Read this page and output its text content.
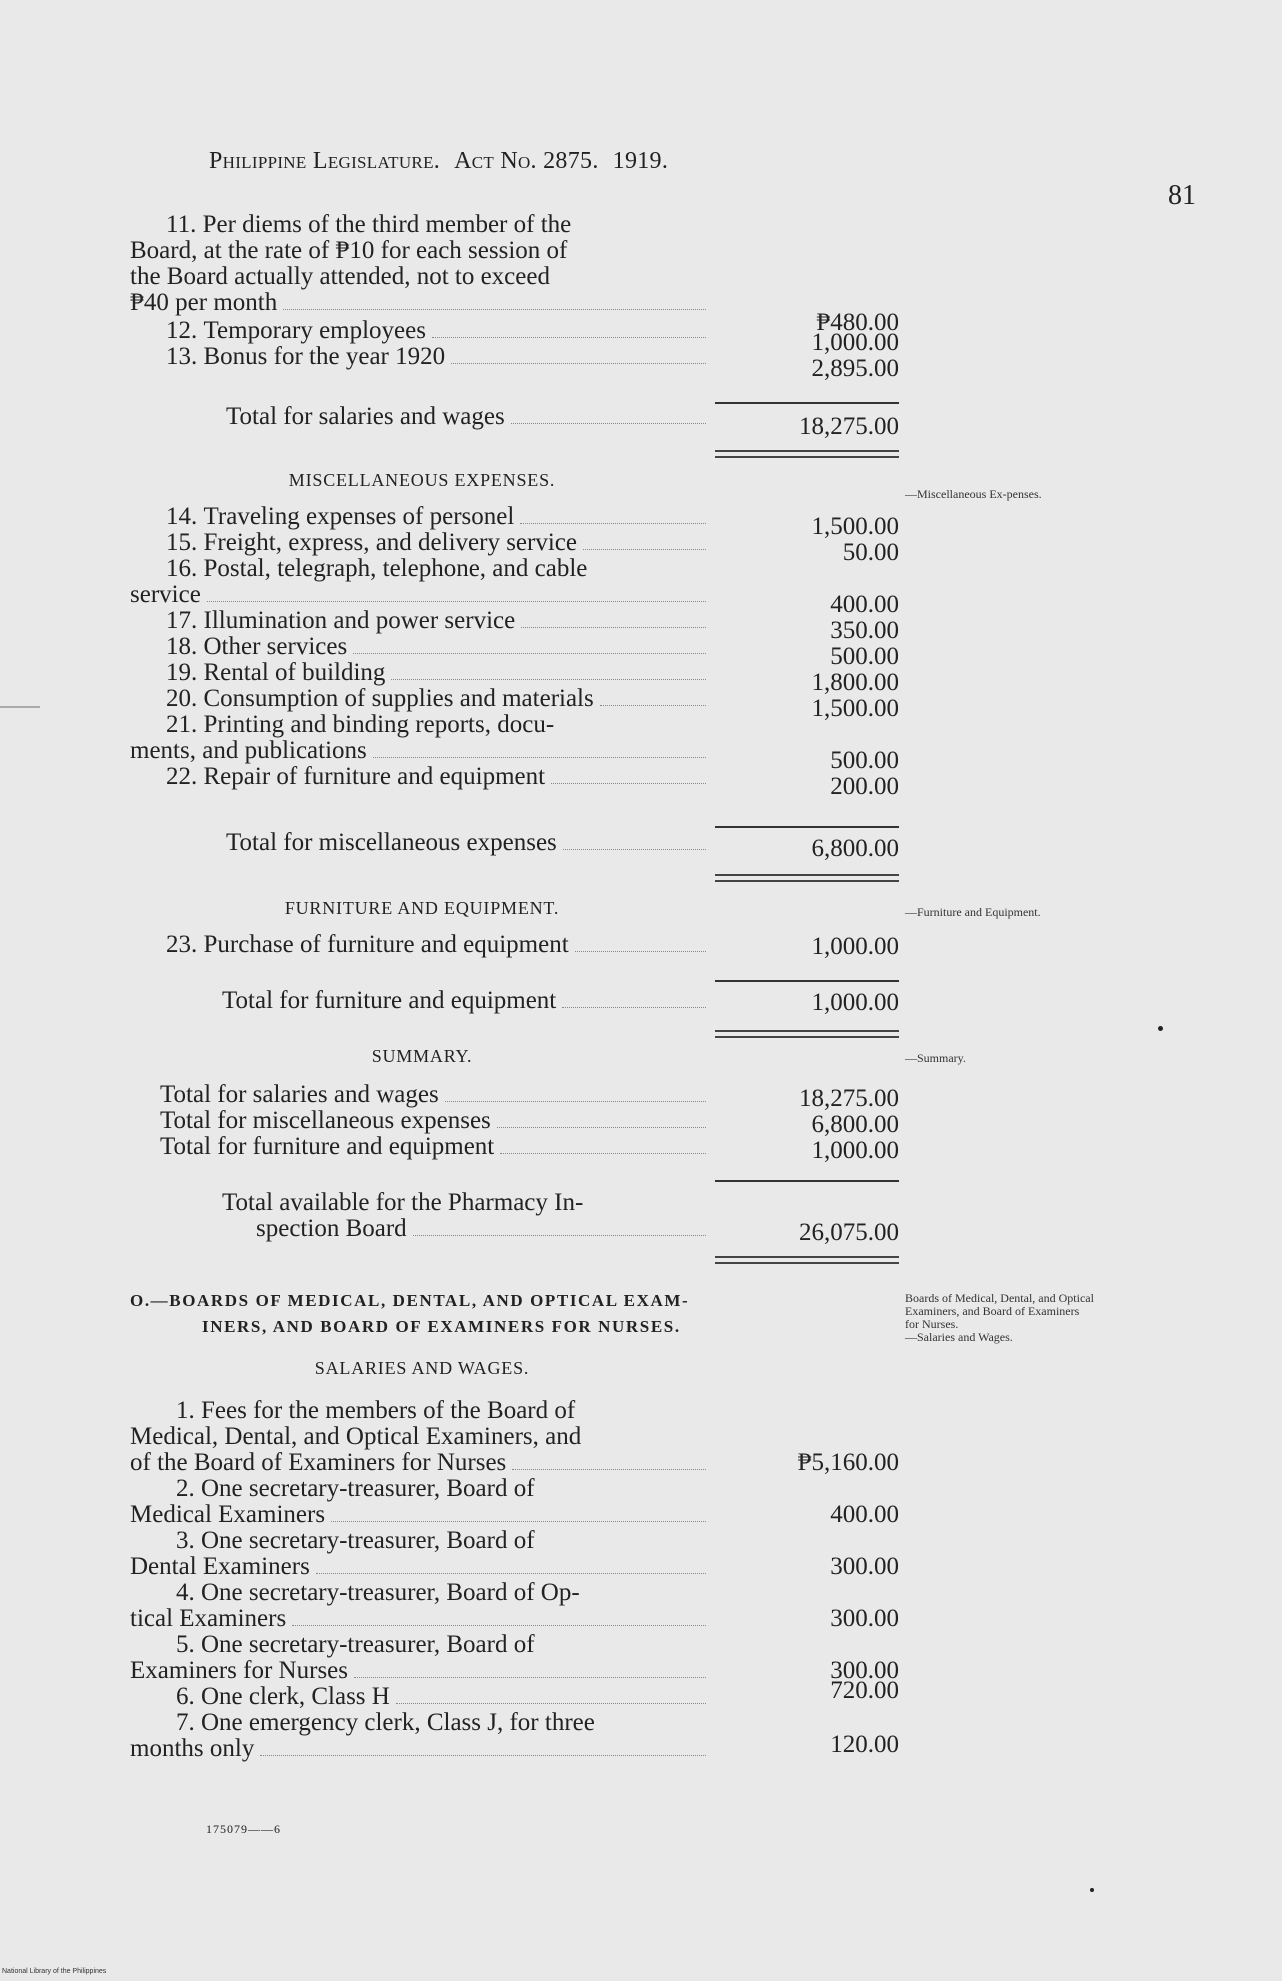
Philippine Legislature. Act No. 2875. 1919.
81
11. Per diems of the third member of the
Board, at the rate of ₱10 for each session of
the Board actually attended, not to exceed
₱40 per month
₱480.00
12.
Temporary employees	1,000.00
13.
Bonus for the year 1920	2,895.00
Total for salaries and wages	18,275.00
MISCELLANEOUS EXPENSES.
—Miscellaneous Ex-penses.
14.
Traveling expenses of personel	1,500.00
15.
Freight, express, and delivery service	50.00
16. Postal, telegraph, telephone, and cable
service	400.00
17.
Illumination and power service	350.00
18.
Other services	500.00
19.
Rental of building	1,800.00
20.
Consumption of supplies and materials	1,500.00
21. Printing and binding reports, docu-
ments, and publications	500.00
22.
Repair of furniture and equipment	200.00
Total for miscellaneous expenses	6,800.00
FURNITURE AND EQUIPMENT.	—Furniture and Equipment.
23.
Purchase of furniture and equipment	1,000.00
Total for furniture and equipment	1,000.00
SUMMARY.	—Summary.
Total for salaries and wages	18,275.00
Total for miscellaneous expenses	6,800.00
Total for furniture and equipment	1,000.00
Total available for the Pharmacy In-
spection Board	26,075.00
O.—BOARDS OF MEDICAL, DENTAL, AND OPTICAL EXAM-
INERS, AND BOARD OF EXAMINERS FOR NURSES.
Boards of Medical, Dental, and Optical Examiners, and Board of Examiners for Nurses.
—Salaries and Wages.
SALARIES AND WAGES.
1. Fees for the members of the Board of
Medical, Dental, and Optical Examiners, and
of the Board of Examiners for Nurses	₱5,160.00
2. One secretary-treasurer, Board of
Medical Examiners	400.00
3. One secretary-treasurer, Board of
Dental Examiners	300.00
4. One secretary-treasurer, Board of Op-
tical Examiners	300.00
5. One secretary-treasurer, Board of
Examiners for Nurses	300.00
6.
One clerk, Class H	720.00
7. One emergency clerk, Class J, for three
months only	120.00
175079——6
National Library of the Philippines
